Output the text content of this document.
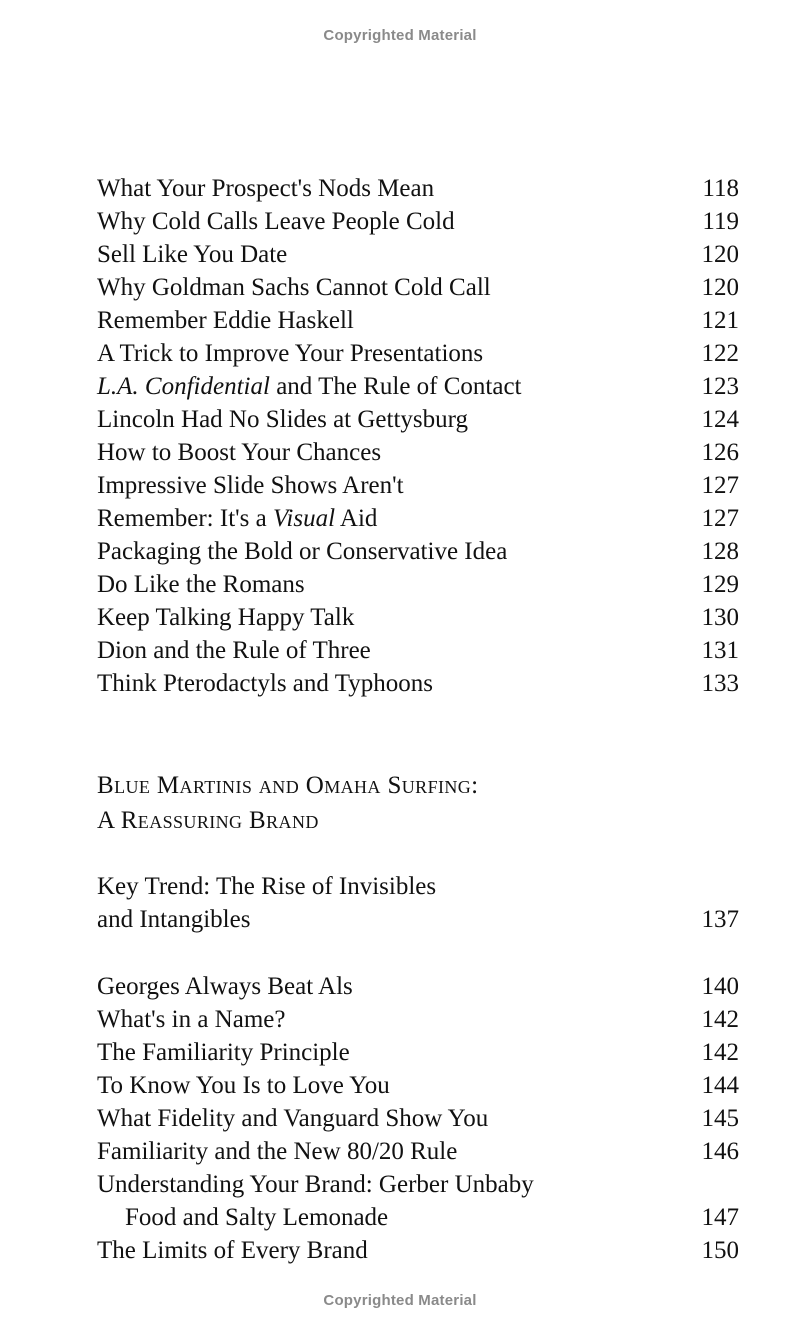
Copyrighted Material
What Your Prospect's Nods Mean	118
Why Cold Calls Leave People Cold	119
Sell Like You Date	120
Why Goldman Sachs Cannot Cold Call	120
Remember Eddie Haskell	121
A Trick to Improve Your Presentations	122
L.A. Confidential and The Rule of Contact	123
Lincoln Had No Slides at Gettysburg	124
How to Boost Your Chances	126
Impressive Slide Shows Aren't	127
Remember: It's a Visual Aid	127
Packaging the Bold or Conservative Idea	128
Do Like the Romans	129
Keep Talking Happy Talk	130
Dion and the Rule of Three	131
Think Pterodactyls and Typhoons	133
Blue Martinis and Omaha Surfing:
A Reassuring Brand
Key Trend: The Rise of Invisibles
and Intangibles	137
Georges Always Beat Als	140
What's in a Name?	142
The Familiarity Principle	142
To Know You Is to Love You	144
What Fidelity and Vanguard Show You	145
Familiarity and the New 80/20 Rule	146
Understanding Your Brand: Gerber Unbaby
Food and Salty Lemonade	147
The Limits of Every Brand	150
Copyrighted Material
